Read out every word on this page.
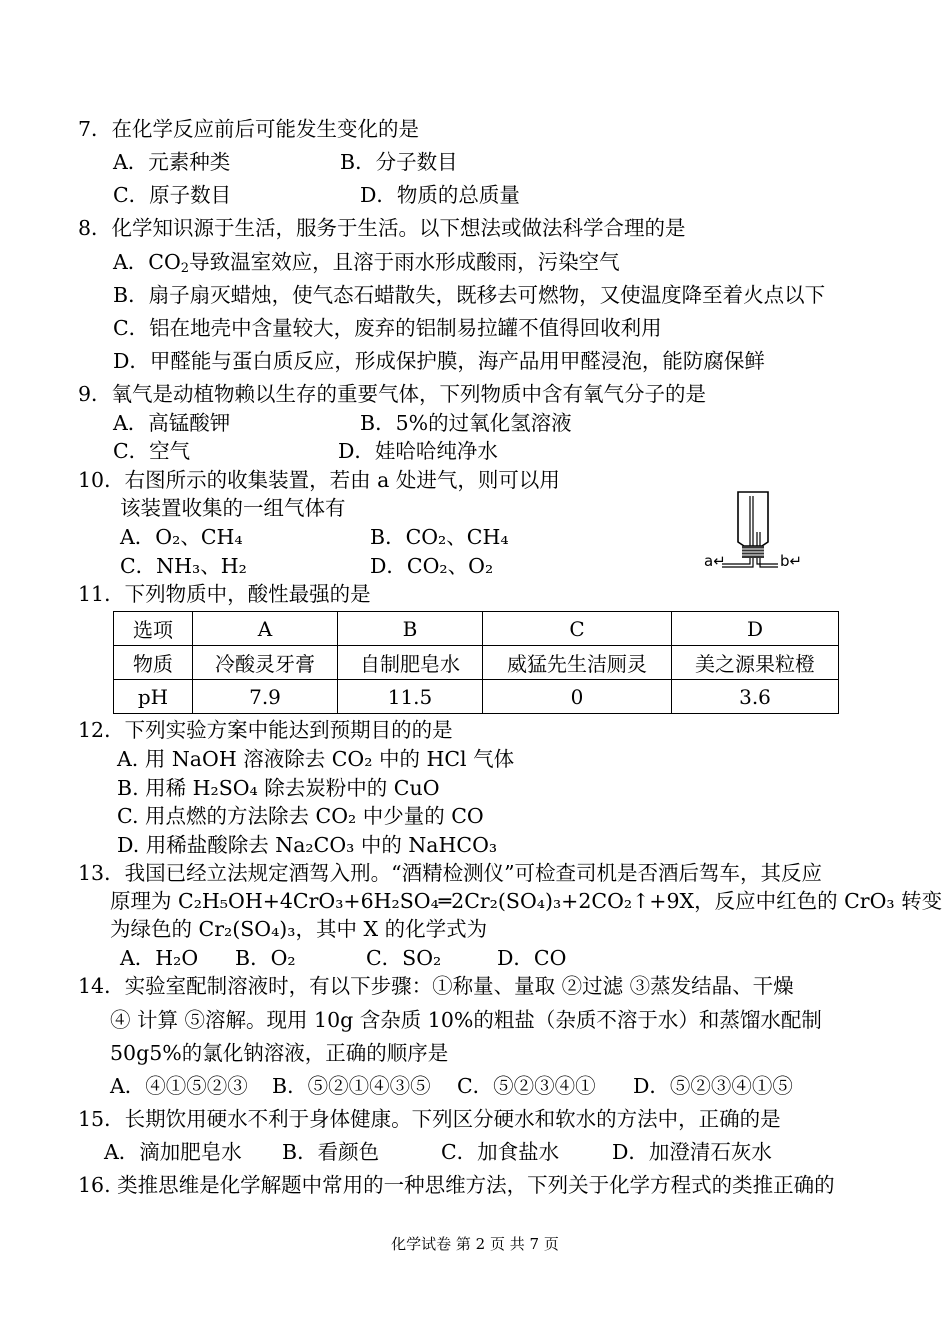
7．在化学反应前后可能发生变化的是
A．元素种类	B．分子数目
C．原子数目	D．物质的总质量
8．化学知识源于生活，服务于生活。以下想法或做法科学合理的是
A．$CO_2$导致温室效应，且溶于雨水形成酸雨，污染空气
B．扇子扇灭蜡烛，使气态石蜡散失，既移去可燃物，又使温度降至着火点以下
C．铝在地壳中含量较大，废弃的铝制易拉罐不值得回收利用
D．甲醛能与蛋白质反应，形成保护膜，海产品用甲醛浸泡，能防腐保鲜
9．氧气是动植物赖以生存的重要气体，下列物质中含有氧气分子的是
A．高锰酸钾	B．5%的过氧化氢溶液
C．空气	D．娃哈哈纯净水
10．右图所示的收集装置，若由 a 处进气，则可以用
该装置收集的一组气体有
A．O₂、CH₄	B．CO₂、CH₄
C．NH₃、H₂	D．CO₂、O₂	a↵	b↵
11．下列物质中，酸性最强的是
选项	A	B	C	D
物质	冷酸灵牙膏	自制肥皂水	威猛先生洁厕灵	美之源果粒橙
pH	7.9	11.5	0	3.6
12．下列实验方案中能达到预期目的的是
A. 用 NaOH 溶液除去 CO₂ 中的 HCl 气体
B. 用稀 H₂SO₄ 除去炭粉中的 CuO
C. 用点燃的方法除去 CO₂ 中少量的 CO
D. 用稀盐酸除去 Na₂CO₃ 中的 NaHCO₃
13．我国已经立法规定酒驾入刑。“酒精检测仪”可检查司机是否酒后驾车，其反应
原理为 C₂H₅OH+4CrO₃+6H₂SO₄═2Cr₂(SO₄)₃+2CO₂↑+9X，反应中红色的 CrO₃ 转变
为绿色的 Cr₂(SO₄)₃，其中 X 的化学式为
A．H₂O B．O₂	C．SO₂	D．CO
14．实验室配制溶液时，有以下步骤：①称量、量取 ②过滤 ③蒸发结晶、干燥
④ 计算 ⑤溶解。现用 10g 含杂质 10%的粗盐（杂质不溶于水）和蒸馏水配制
50g5%的氯化钠溶液，正确的顺序是
A．④①⑤②③ B．⑤②①④③⑤ C．⑤②③④① D．⑤②③④①⑤
15．长期饮用硬水不利于身体健康。下列区分硬水和软水的方法中，正确的是
A．滴加肥皂水 B．看颜色	C．加食盐水	D．加澄清石灰水
16. 类推思维是化学解题中常用的一种思维方法，下列关于化学方程式的类推正确的
化学试卷 第 2 页 共 7 页
